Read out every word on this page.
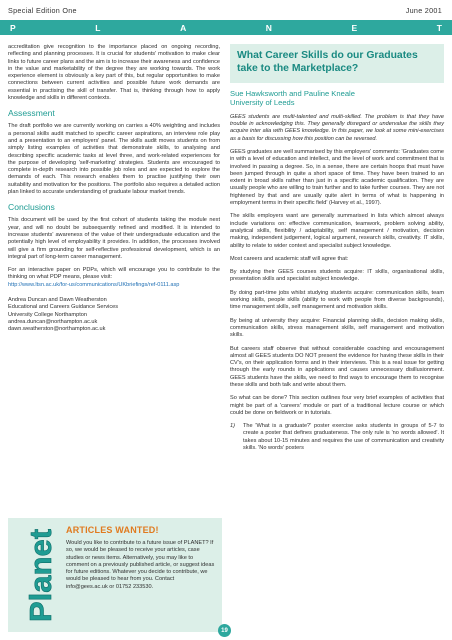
Special Edition One	June 2001
P	L	A	N	E	T

accreditation give recognition to the importance placed on ongoing recording, reflecting and planning processes. It is crucial for students' motivation to make clear links to future career plans and the aim is to increase their awareness and confidence in the value and marketability of the degree they are working towards. The work experience element is obviously a key part of this, but regular opportunities to make connections between current activities and possible future work demands are essential in practising the skill of transfer. That is, thinking through how to apply knowledge and skills in different contexts.

Assessment

The draft portfolio we are currently working on carries a 40% weighting and includes a personal skills audit matched to specific career aspirations, an interview role play and a presentation to an employers' panel. The skills audit moves students on from simply listing examples of activities that demonstrate skills, to analysing and describing specific academic tasks at level three, and work-related experiences for the purpose of developing 'self-marketing' strategies. Students are encouraged to complete in-depth research into possible job roles and are expected to explore the demands of each. This research enables them to practise justifying their own suitability and motivation for the positions. The portfolio also requires a detailed action plan linked to accurate understanding of graduate labour market trends.

Conclusions

This document will be used by the first cohort of students taking the module next year, and will no doubt be subsequently refined and modified. It is intended to increase students' awareness of the value of their undergraduate education and the potentially high level of employability it provides. In addition, the processes involved will give a firm grounding for self-reflective professional development, which is an integral part of long-term career management.

For an interactive paper on PDPs, which will encourage you to contribute to the thinking on what PDP means, please visit:
http://www.ltsn.ac.uk/for-us/communications/UKbriefings/ref-0111.asp

Andrea Duncan and Dawn Weatherston

Educational and Careers Guidance Services

University College Northampton

andrea.duncan@northampton.ac.uk

dawn.weatherston@northampton.ac.uk

Planet ARTICLES WANTED!
Would you like to contribute to a future issue of PLANET? If so, we would be pleased to receive your articles, case studies or news items. Alternatively, you may like to comment on a previously published article, or suggest ideas for future editions. Whatever you decide to contribute, we would be pleased to hear from you. Contact info@gees.ac.uk or 01752 233530.
What Career Skills do our Graduates take to the Marketplace?
Sue Hawksworth and Pauline Kneale
University of Leeds

GEES students are multi-talented and multi-skilled. The problem is that they have trouble in acknowledging this. They generally disregard or undervalue the skills they acquire inter alia with GEES knowledge. In this paper, we look at some mini-exercises as a basis for discussing how this position can be reversed.

GEES graduates are well summarised by this employers' comments: 'Graduates come in with a level of education and intellect, and the level of work and commitment that is involved in passing a degree. So, in a sense, there are certain hoops that must have been jumped through in quite a short space of time. They have been trained to an extent in broad skills rather than just in a specific academic qualification. They are usually people who are willing to train further and to take further courses. They are not frightened by that and are usually quite alert in terms of what is happening in employment terms in their specific field' (Harvey et al., 1997).

The skills employers want are generally summarised in lists which almost always include variations on: effective communication, teamwork, problem solving ability, analytical skills, flexibility / adaptability, self management / motivation, decision making, independent judgement, logical argument, research skills, creativity. IT skills, ability to relate to wider context and specialist subject knowledge.

Most careers and academic staff will agree that:

By studying their GEES courses students acquire: IT skills, organisational skills, presentation skills and specialist subject knowledge.

By doing part-time jobs whilst studying students acquire: communication skills, team working skills, people skills (ability to work with people from diverse backgrounds), time management skills, self management and motivation skills.

By being at university they acquire: Financial planning skills, decision making skills, communication skills, stress management skills, self management and motivation skills.

But careers staff observe that without considerable coaching and encouragement almost all GEES students DO NOT present the evidence for having these skills in their CV's, on their application forms and in their interviews. This is a real issue for getting through the early rounds in applications and causes unnecessary disillusionment. GEES students have the skills, we need to find ways to encourage them to recognise these skills and both talk and write about them.

So what can be done? This section outlines four very brief examples of activities that might be part of a 'careers' module or part of a traditional lecture course or which could be done on fieldwork or in tutorials.

1)	The 'What is a graduate?' poster exercise asks students in groups of 5-7 to create a poster that defines graduateness. The only rule is 'no words allowed'. It takes about 10-15 minutes and requires the use of communication and creativity skills. 'No words' posters

19
